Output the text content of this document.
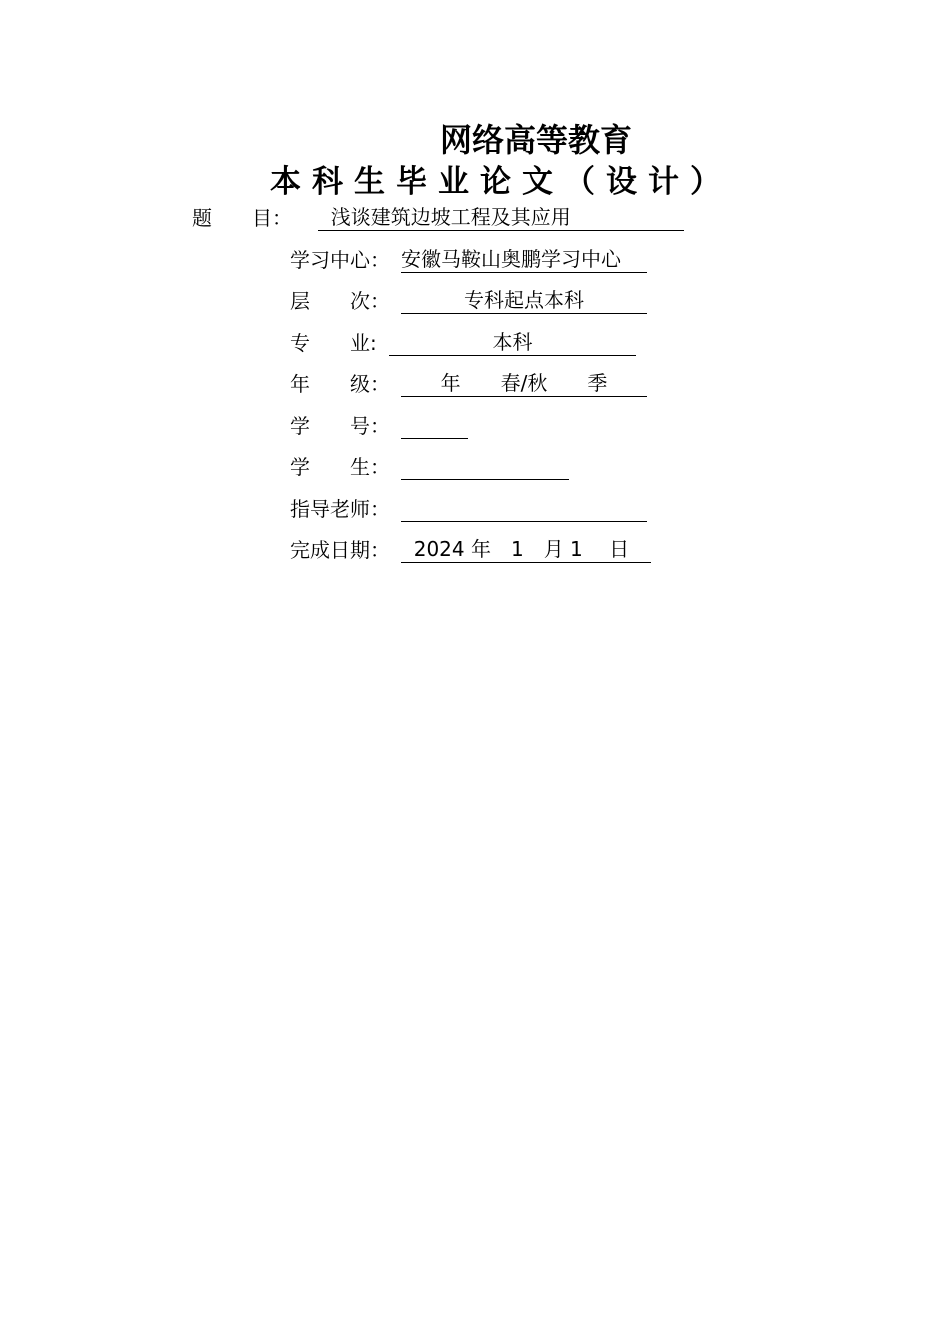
网络高等教育
本科生毕业论文（设计）
题　　目： 浅谈建筑边坡工程及其应用
学习中心： 安徽马鞍山奥鹏学习中心
层　　次：	专科起点本科
专　　业:	本科
年　　级：	年　　春/秋　　季
学　　号：
学　　生：
指导老师：
完成日期： 2024 年　1　月 1　 日
